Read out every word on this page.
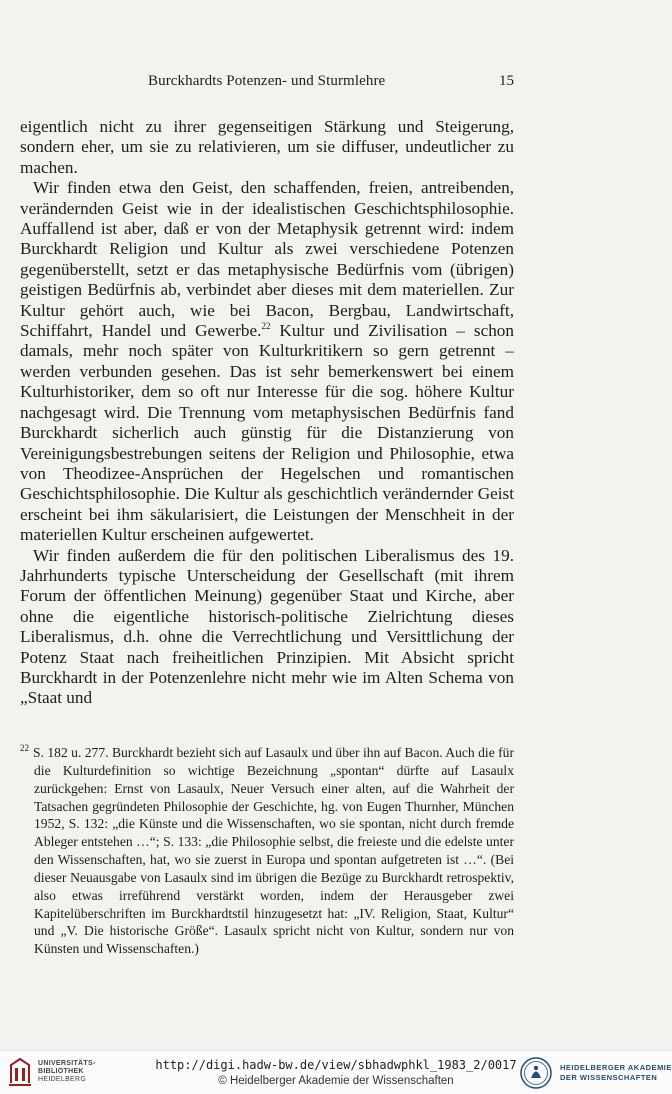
Burckhardts Potenzen- und Sturmlehre	15

eigentlich nicht zu ihrer gegenseitigen Stärkung und Steigerung, sondern eher, um sie zu relativieren, um sie diffuser, undeutlicher zu machen.

Wir finden etwa den Geist, den schaffenden, freien, antreibenden, verändernden Geist wie in der idealistischen Geschichtsphilosophie. Auffallend ist aber, daß er von der Metaphysik getrennt wird: indem Burckhardt Religion und Kultur als zwei verschiedene Potenzen gegenüberstellt, setzt er das metaphysische Bedürfnis vom (übrigen) geistigen Bedürfnis ab, verbindet aber dieses mit dem materiellen. Zur Kultur gehört auch, wie bei Bacon, Bergbau, Landwirtschaft, Schiffahrt, Handel und Gewerbe.$^{22}$ Kultur und Zivilisation – schon damals, mehr noch später von Kulturkritikern so gern getrennt – werden verbunden gesehen. Das ist sehr bemerkenswert bei einem Kulturhistoriker, dem so oft nur Interesse für die sog. höhere Kultur nachgesagt wird. Die Trennung vom metaphysischen Bedürfnis fand Burckhardt sicherlich auch günstig für die Distanzierung von Vereinigungsbestrebungen seitens der Religion und Philosophie, etwa von Theodizee-Ansprüchen der Hegelschen und romantischen Geschichtsphilosophie. Die Kultur als geschichtlich verändernder Geist erscheint bei ihm säkularisiert, die Leistungen der Menschheit in der materiellen Kultur erscheinen aufgewertet.

Wir finden außerdem die für den politischen Liberalismus des 19. Jahrhunderts typische Unterscheidung der Gesellschaft (mit ihrem Forum der öffentlichen Meinung) gegenüber Staat und Kirche, aber ohne die eigentliche historisch-politische Zielrichtung dieses Liberalismus, d.h. ohne die Verrechtlichung und Versittlichung der Potenz Staat nach freiheitlichen Prinzipien. Mit Absicht spricht Burckhardt in der Potenzenlehre nicht mehr wie im Alten Schema von „Staat und

22 S. 182 u. 277. Burckhardt bezieht sich auf Lasaulx und über ihn auf Bacon. Auch die für die Kulturdefinition so wichtige Bezeichnung „spontan“ dürfte auf Lasaulx zurückgehen: Ernst von Lasaulx, Neuer Versuch einer alten, auf die Wahrheit der Tatsachen gegründeten Philosophie der Geschichte, hg. von Eugen Thurnher, München 1952, S. 132: „die Künste und die Wissenschaften, wo sie spontan, nicht durch fremde Ableger entstehen …“; S. 133: „die Philosophie selbst, die freieste und die edelste unter den Wissenschaften, hat, wo sie zuerst in Europa und spontan aufgetreten ist …“. (Bei dieser Neuausgabe von Lasaulx sind im übrigen die Bezüge zu Burckhardt retrospektiv, also etwas irreführend verstärkt worden, indem der Herausgeber zwei Kapitelüberschriften im Burckhardtstil hinzugesetzt hat: „IV. Religion, Staat, Kultur“ und „V. Die historische Größe“. Lasaulx spricht nicht von Kultur, sondern nur von Künsten und Wissenschaften.)

UNIVERSITÄTS-
BIBLIOTHEK
HEIDELBERG
http://digi.hadw-bw.de/view/sbhadwphkl_1983_2/0017
© Heidelberger Akademie der Wissenschaften
HEIDELBERGER AKADEMIE
DER WISSENSCHAFTEN
